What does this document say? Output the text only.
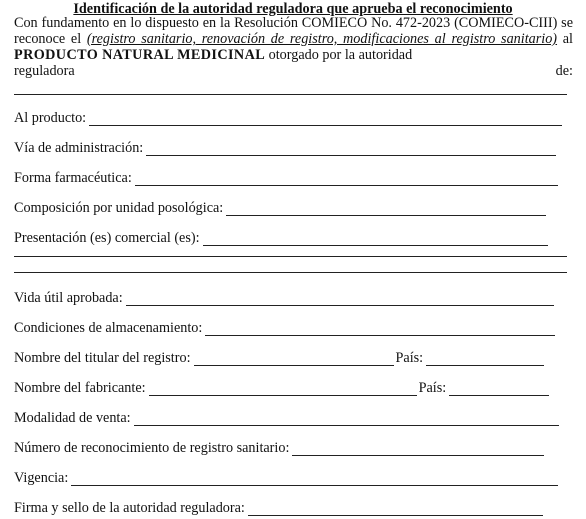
Identificación de la autoridad reguladora que aprueba el reconocimiento
Con fundamento en lo dispuesto en la Resolución COMIECO No. 472-2023 (COMIECO-CIII) se reconoce el (registro sanitario, renovación de registro, modificaciones al registro sanitario) al PRODUCTO NATURAL MEDICINAL otorgado por la autoridad
reguladora	de:
Al producto:
Vía de administración:
Forma farmacéutica:
Composición por unidad posológica:
Presentación (es) comercial (es):
Vida útil aprobada:
Condiciones de almacenamiento:
Nombre del titular del registro:	País:
Nombre del fabricante:	País:
Modalidad de venta:
Número de reconocimiento de registro sanitario:
Vigencia:
Firma y sello de la autoridad reguladora:
